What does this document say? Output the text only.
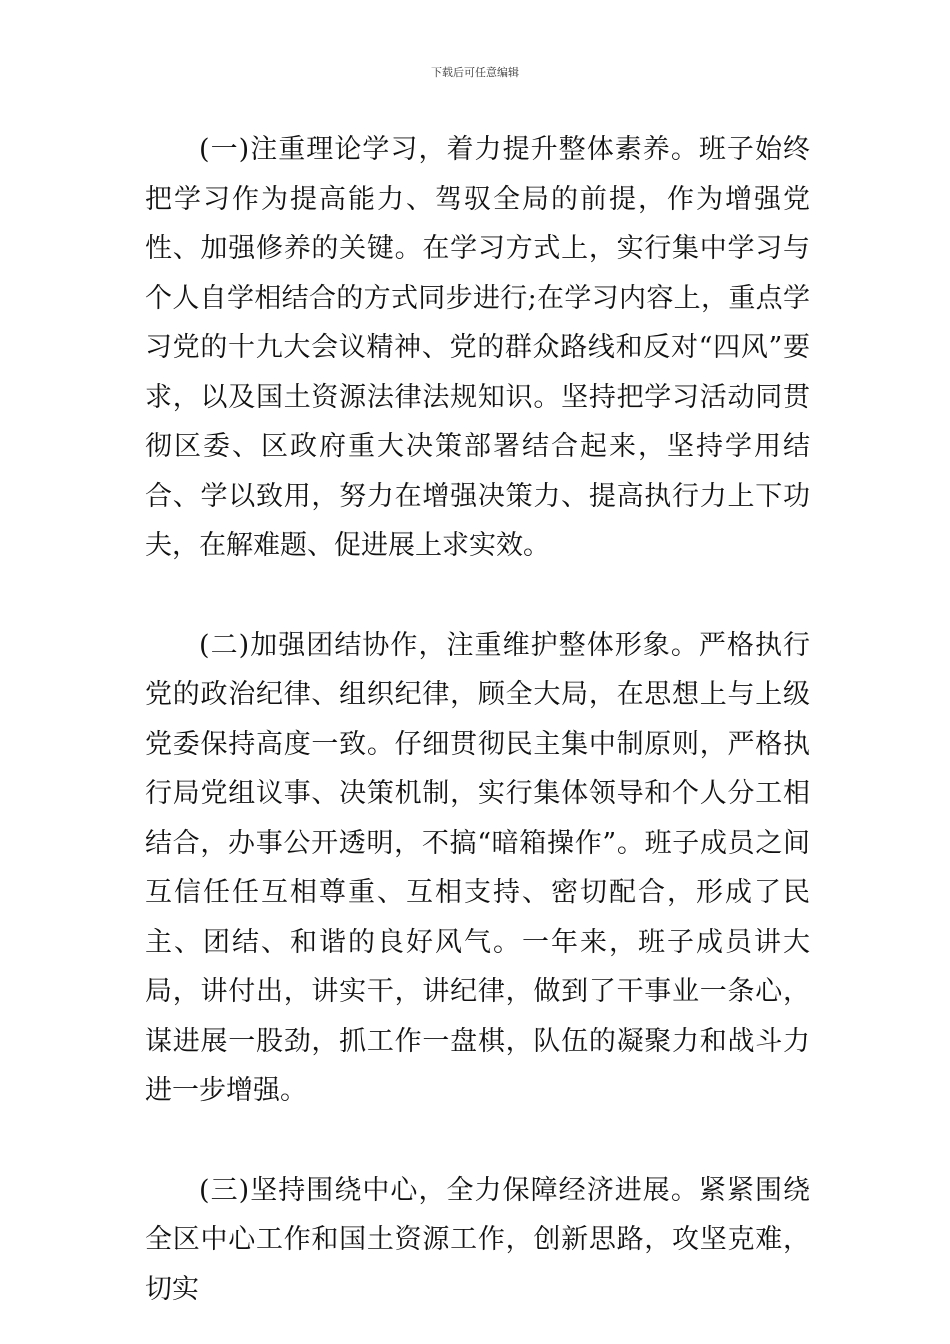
下载后可任意编辑

(一)注重理论学习，着力提升整体素养。班子始终把学习作为提高能力、驾驭全局的前提，作为增强党性、加强修养的关键。在学习方式上，实行集中学习与个人自学相结合的方式同步进行;在学习内容上，重点学习党的十九大会议精神、党的群众路线和反对“四风”要求，以及国土资源法律法规知识。坚持把学习活动同贯彻区委、区政府重大决策部署结合起来，坚持学用结合、学以致用，努力在增强决策力、提高执行力上下功夫，在解难题、促进展上求实效。

(二)加强团结协作，注重维护整体形象。严格执行党的政治纪律、组织纪律，顾全大局，在思想上与上级党委保持高度一致。仔细贯彻民主集中制原则，严格执行局党组议事、决策机制，实行集体领导和个人分工相结合，办事公开透明，不搞“暗箱操作”。班子成员之间互信任任互相尊重、互相支持、密切配合，形成了民主、团结、和谐的良好风气。一年来，班子成员讲大局，讲付出，讲实干，讲纪律，做到了干事业一条心，谋进展一股劲，抓工作一盘棋，队伍的凝聚力和战斗力进一步增强。

(三)坚持围绕中心，全力保障经济进展。紧紧围绕全区中心工作和国土资源工作，创新思路，攻坚克难，切实
